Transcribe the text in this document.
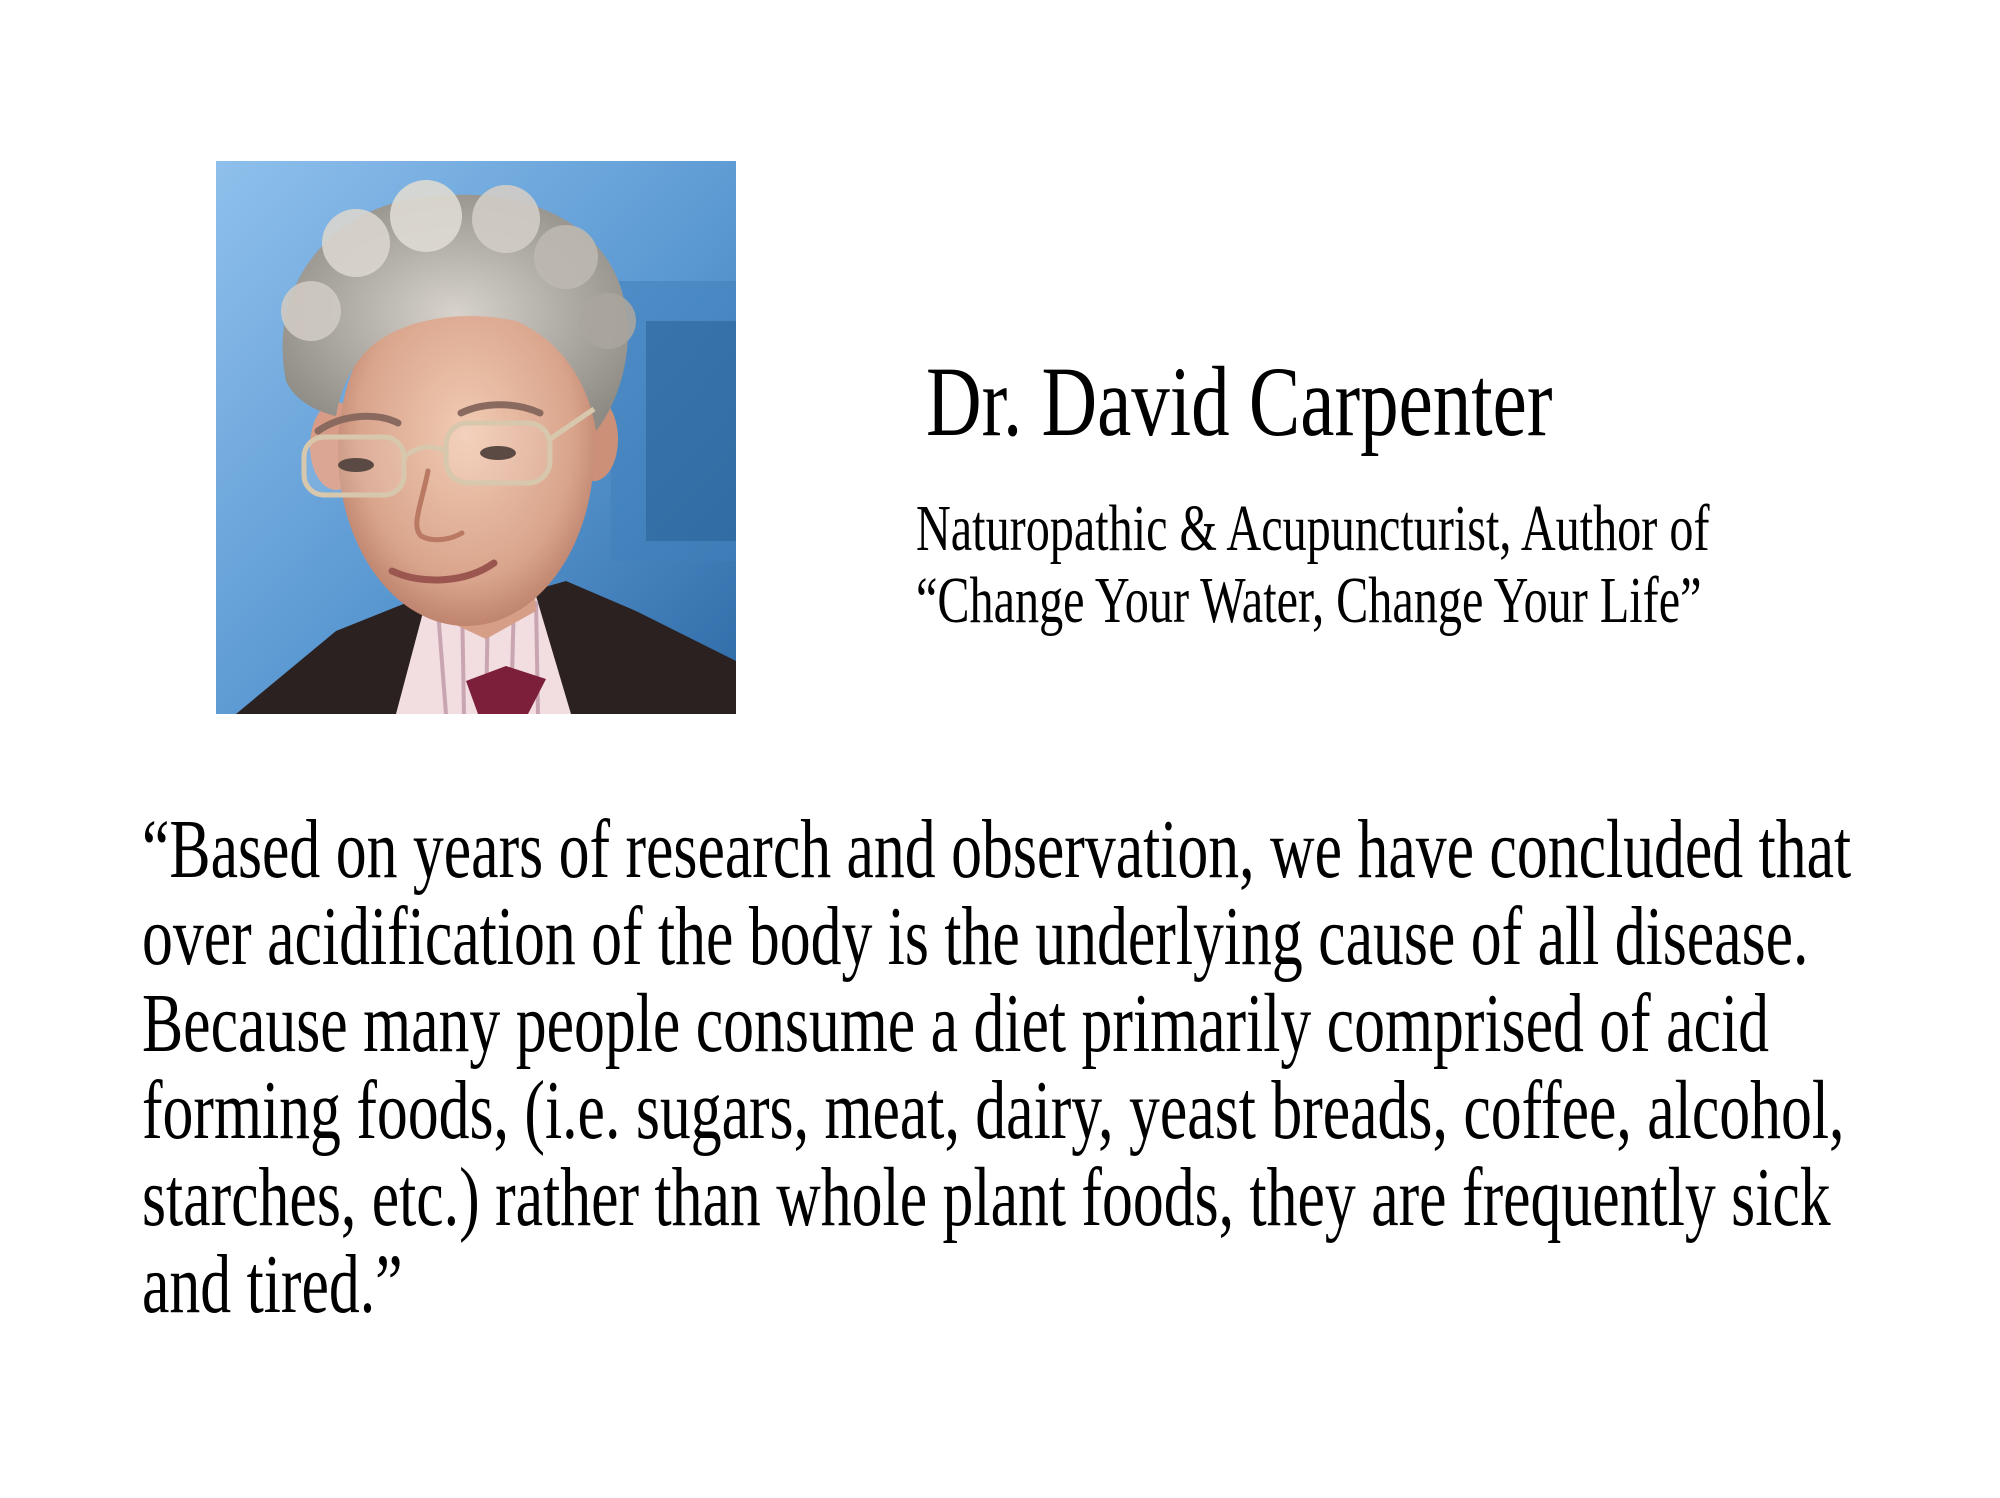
Dr. David Carpenter
Naturopathic & Acupuncturist, Author of
“Change Your Water, Change Your Life”
“Based on years of research and observation, we have concluded that
over acidification of the body is the underlying cause of all disease.
Because many people consume a diet primarily comprised of acid
forming foods, (i.e. sugars, meat, dairy, yeast breads, coffee, alcohol,
starches, etc.) rather than whole plant foods, they are frequently sick
and tired.”
